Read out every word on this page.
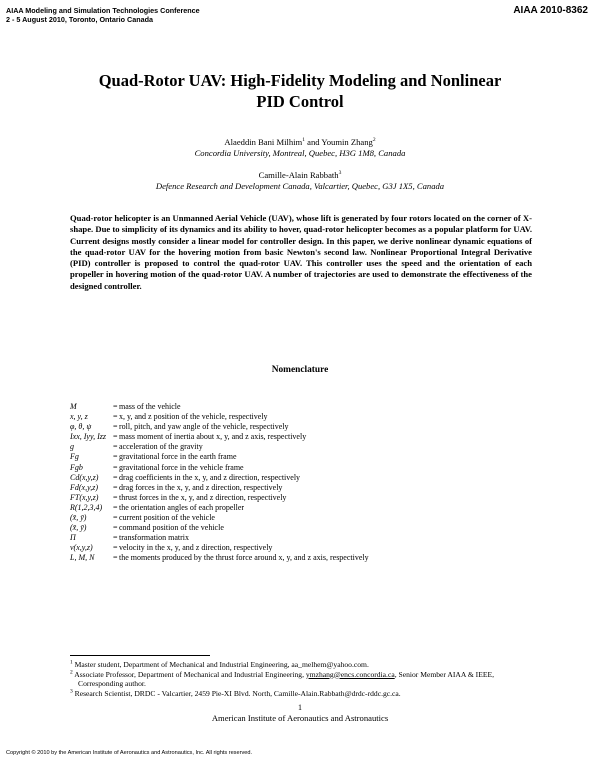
AIAA Modeling and Simulation Technologies Conference
2 - 5 August 2010, Toronto, Ontario Canada
AIAA 2010-8362
Quad-Rotor UAV: High-Fidelity Modeling and Nonlinear
PID Control
Alaeddin Bani Milhim$^1$ and Youmin Zhang$^2$
Concordia University, Montreal, Quebec, H3G 1M8, Canada
Camille-Alain Rabbath$^3$
Defence Research and Development Canada, Valcartier, Quebec, G3J 1X5, Canada
Quad-rotor helicopter is an Unmanned Aerial Vehicle (UAV), whose lift is generated by four rotors located on the corner of X-shape. Due to simplicity of its dynamics and its ability to hover, quad-rotor helicopter becomes as a popular platform for UAV. Current designs mostly consider a linear model for controller design. In this paper, we derive nonlinear dynamic equations of the quad-rotor UAV for the hovering motion from basic Newton's second law. Nonlinear Proportional Integral Derivative (PID) controller is proposed to control the quad-rotor UAV. This controller uses the speed and the orientation of each propeller in hovering motion of the quad-rotor UAV. A number of trajectories are used to demonstrate the effectiveness of the designed controller.
Nomenclature
M	= mass of the vehicle
x, y, z	= x, y, and z position of the vehicle, respectively
φ, θ, ψ	= roll, pitch, and yaw angle of the vehicle, respectively
Ixx, Iyy, Izz = mass moment of inertia about x, y, and z axis, respectively
g	= acceleration of the gravity
Fg	= gravitational force in the earth frame
Fgb	= gravitational force in the vehicle frame
Cd(x,y,z)	= drag coefficients in the x, y, and z direction, respectively
Fd(x,y,z)	= drag forces in the x, y, and z direction, respectively
FT(x,y,z)	= thrust forces in the x, y, and z direction, respectively
R(1,2,3,4)	= the orientation angles of each propeller
(x̄, ȳ)	= current position of the vehicle
(x̄, ȳ)	= command position of the vehicle
Π	= transformation matrix
v(x,y,z)	= velocity in the x, y, and z direction, respectively
L, M, N	= the moments produced by the thrust force around x, y, and z axis, respectively
$^1$ Master student, Department of Mechanical and Industrial Engineering, aa_melhem@yahoo.com.
$^2$ Associate Professor, Department of Mechanical and Industrial Engineering, ymzhang@encs.concordia.ca, Senior Member AIAA & IEEE, Corresponding author.
$^3$ Research Scientist, DRDC - Valcartier, 2459 Pie-XI Blvd. North, Camille-Alain.Rabbath@drdc-rddc.gc.ca.
1
American Institute of Aeronautics and Astronautics
Copyright © 2010 by the American Institute of Aeronautics and Astronautics, Inc. All rights reserved.
